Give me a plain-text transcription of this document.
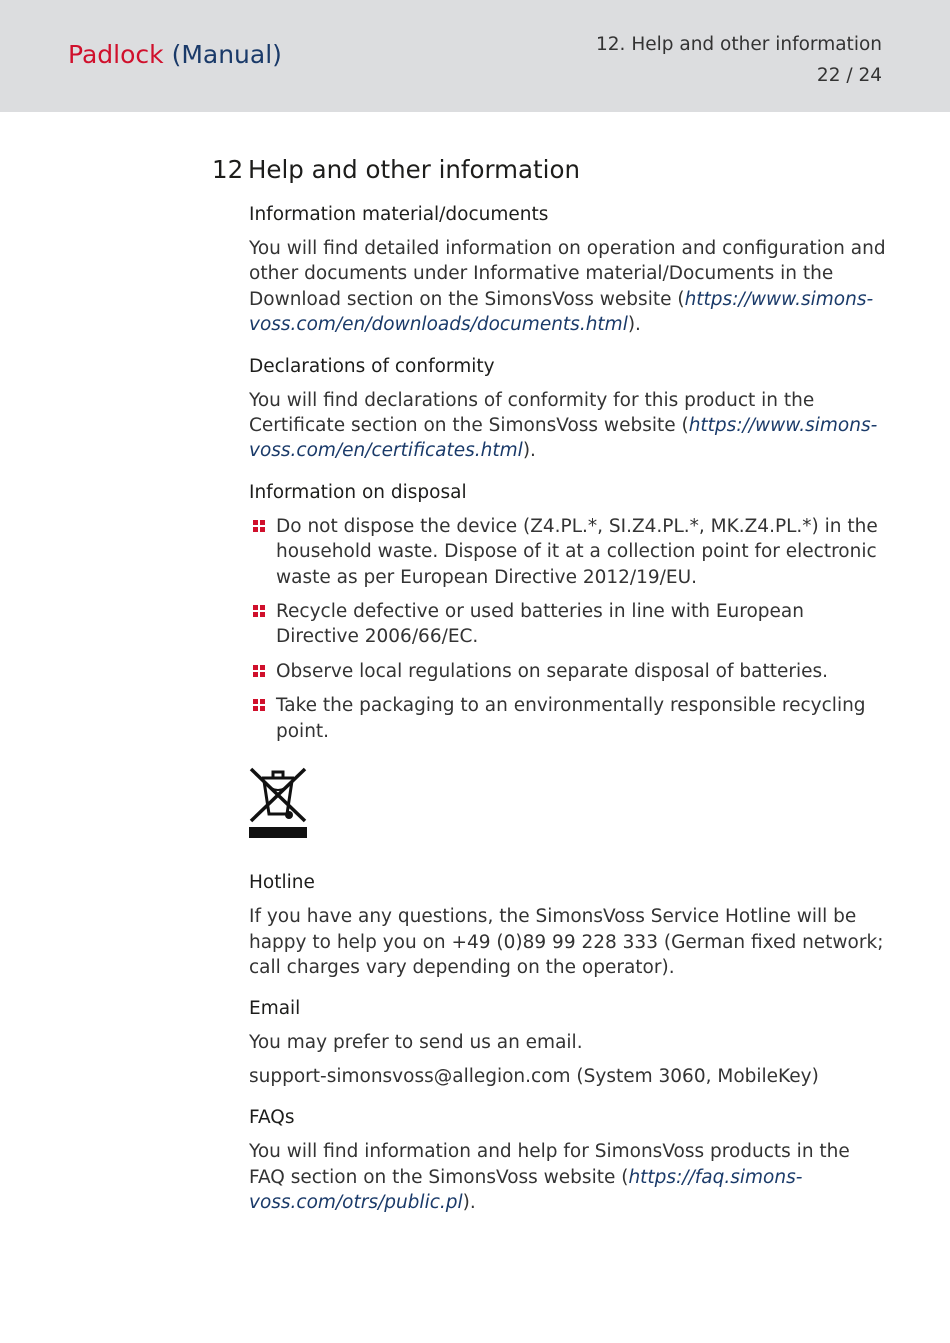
Padlock (Manual)	12. Help and other information
22 / 24
12 Help and other information
Information material/documents

You will find detailed information on operation and configuration and other documents under Informative material/Documents in the Download section on the SimonsVoss website (https://www.simons-voss.com/en/downloads/documents.html).

Declarations of conformity

You will find declarations of conformity for this product in the Certificate section on the SimonsVoss website (https://www.simons-voss.com/en/certificates.html).

Information on disposal
Do not dispose the device (Z4.PL.*, SI.Z4.PL.*, MK.Z4.PL.*) in the household waste. Dispose of it at a collection point for electronic waste as per European Directive 2012/19/EU.
Recycle defective or used batteries in line with European Directive 2006/66/EC.
Observe local regulations on separate disposal of batteries.
Take the packaging to an environmentally responsible recycling point.
Hotline

If you have any questions, the SimonsVoss Service Hotline will be happy to help you on +49 (0)89 99 228 333 (German fixed network; call charges vary depending on the operator).

Email

You may prefer to send us an email.

support-simonsvoss@allegion.com (System 3060, MobileKey)

FAQs

You will find information and help for SimonsVoss products in the FAQ section on the SimonsVoss website (https://faq.simons-voss.com/otrs/public.pl).
